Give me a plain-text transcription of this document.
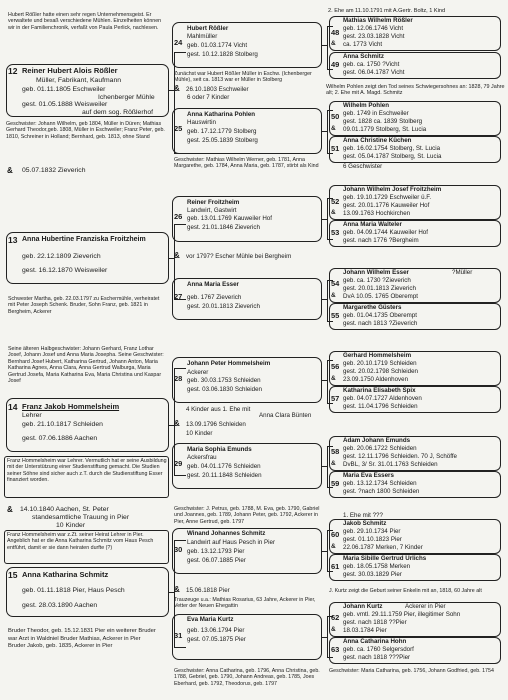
Hubert Rößler hatte einen sehr regen Unternehmensgeist. Er verwaltete und besaß verschiedene Mühlen. Einzelheiten können wir in der Familienchronik, verfaßt von Paula Perlick, nachlesen.
12 Reiner Hubert Alois Rößler
Müller, Fabrikant, Kaufmann
geb. 01.11.1805 Eschweiler
Ichenberger Mühle
gest. 01.05.1888 Weisweiler
auf dem sog. Rößlerhof
Geschwister: Johann Wilhelm, geb 1804, Müller in Düren; Mathias Gerhard Theodor,geb. 1808, Müller in Eschweiler; Franz Peter, geb. 1810, Schreiner in Holland; Bernhard, geb. 1813, ohne Stand
& 05.07.1832 Zieverich
13 Anna Hubertine Franziska Froitzheim
geb. 22.12.1809 Zieverich
gest. 16.12.1870 Weisweiler
Schwester Martha, geb. 22.03.1797 zu Eschermühle, verheiratet mit Peter Joseph Schenk. Bruder, Sohn Franz, geb. 1821 in Bergheim, Ackerer
Seine älteren Halbgeschwister: Johann Gerhard, Franz Lothar Josef, Johann Josef und Anna Maria Josepha. Seine Geschwister: Bernhard Josef Hubert, Katharina Gertrud, Johann Anton, Maria Katharina Agnes, Anna Clara, Anna Gertrud Walburga, Maria Gertrud Josefa, Maria Katharina Eva, Maria Christina und Kaspar Josef
14 Franz Jakob Hommelsheim
Lehrer
geb. 21.10.1817 Schleiden
gest. 07.06.1886 Aachen
Franz Hommelsheim war Lehrer. Vermutlich hat er seine Ausbildung mit der Unterstützung einer Studienstiftung gemacht. Die Studien seiner Söhne sind sicher auch z.T. durch die Studienstiftung Esser finanziert worden.
& 14.10.1840 Aachen, St. Peter
standesamtliche Trauung in Pier
10 Kinder
Franz Hommelsheim war z.Zt. seiner Heirat Lehrer in Pier. Angeblich hat er die Anna Katharina Schmitz vom Haus Pesch entführt, damit er sie dann heiraten durfte (?)
15 Anna Katharina Schmitz
geb. 01.11.1818 Pier, Haus Pesch
gest. 28.03.1890 Aachen
Bruder Theodor, geb. 15.12.1831 Pier ein weiterer Bruder war Arzt in Waldniel Bruder Mathias, Ackerer in Pier Bruder Jakob, geb. 1835, Ackerer in Pier
24
Hubert Rößler
Mahlmüller
geb. 01.03.1774 Vicht
gest. 10.12.1828 Stolberg
Zunächst war Hubert Rößler Müller in Eschw. (Ichenberger Mühle), seit ca. 1813 war er Müller in Stolberg
& 26.10.1803 Eschweiler
6 oder 7 Kinder
25
Anna Katharina Pohlen
Hauswirtin
geb. 17.12.1779 Stolberg
gest. 25.05.1839 Stolberg
Geschwister: Mathias Wilhelm Werner, geb. 1781, Anna Margarethe, geb. 1784, Anna Maria, geb. 1787, stirbt als Kind
26
Reiner Froitzheim
Landwirt, Gastwirt
geb. 13.01.1769 Kauweiler Hof
gest. 21.01.1846 Zieverich
& vor 1797? Escher Mühle bei Bergheim
27
Anna Maria Esser
geb. 1767 Zieverich
gest. 20.01.1813 Zieverich
28
Johann Peter Hommelsheim
Ackerer
geb. 30.03.1753 Schleiden
gest. 03.06.1830 Schleiden
4 Kinder aus 1. Ehe mit
Anna Clara Bünten
& 13.09.1796 Schleiden
10 Kinder
29
Maria Sophia Emunds
Ackersfrau
geb. 04.01.1776 Schleiden
gest. 20.11.1848 Schleiden
Geschwister: J. Petrus, geb. 1788, M. Eva, geb. 1790, Gabriel und Joannes, geb. 1789, Johann Peter, geb. 1792, Ackerer in Pier, Anne Gertrud, geb. 1797
30
Winand Johannes Schmitz
Landwirt auf Haus Pesch in Pier
geb. 13.12.1793 Pier
gest. 06.07.1885 Pier
& 15.06.1818 Pier
Trauzeuge u.a.: Mathias Rosarius, 63 Jahre, Ackerer in Pier, Vetter der Neuen Ehegattin
31
Eva Maria Kurtz
geb. 13.06.1794 Pier
gest. 07.05.1875 Pier
Geschwister: Anna Catharina, geb. 1796, Anna Christina, geb. 1788, Gebriel, geb. 1790, Johann Andreas, geb. 1785, Joes Eberhard, geb. 1792, Theodorus, geb. 1797
2. Ehe am 11.10.1791 mit A.Gertr. Boltz, 1 Kind
48
Mathias Wilhelm Rößler
geb. 12.06.1746 Vicht
gest. 23.03.1828 Vicht
& ca. 1773 Vicht
49
Anna Schmitz
geb. ca. 1750 ?Vicht
gest. 06.04.1787 Vicht
Wilhelm Pohlen zeigt den Tod seines Schwiegersohnes an: 1828, 79 Jahre alt; 2. Ehe mit A. Magd. Schmitz
50
Wilhelm Pohlen
geb. 1749 in Eschweiler
gest. 1828 ca. 1839 Stolberg
& 09.01.1779 Stolberg, St. Lucia
51
Anna Christine Küchen
geb. 16.02.1754 Stolberg, St. Lucia
gest. 05.04.1787 Stolberg, St. Lucia
6 Geschwister
52
Johann Wilhelm Josef Froitzheim
geb. 19.10.1729 Eschweiler ü.F.
gest. 20.01.1776 Kauweiler Hof
& 13.09.1763 Hochkirchen
53
Anna Maria Walteler
geb. 04.09.1744 Kauweiler Hof
gest. nach 1776 ?Bergheim
54
Johann Wilhelm Esser	?Müller
geb. ca. 1730 ?Zieverich
gest. 20.01.1813 Zieverich
& DvA 10.05. 1765 Oberempt
55
Margarethe Güsters
geb. 01.04.1735 Oberempt
gest. nach 1813 ?Zieverich
56
Gerhard Hommelsheim
geb. 20.10.1719 Schleiden
gest. 20.02.1798 Schleiden
& 23.09.1750 Aldenhoven
57
Katharina Elisabeth Spix
geb. 04.07.1727 Aldenhoven
gest. 11.04.1796 Schleiden
58
Adam Johann Emunds
geb. 20.06.1722 Schleiden
gest. 12.11.1796 Schleiden. 70 J, Schöffe
& DvBL, 3/ Sr. 31.01.1763 Schleiden
59
Maria Eva Essers
geb. 13.12.1734 Schleiden
gest. ?nach 1800 Schleiden
1. Ehe mit ???
60
Jakob Schmitz
geb. 29.10.1734 Pier
gest. 01.10.1823 Pier
& 22.06.1787 Merken, 7 Kinder
61
Maria Sibille Gertrud Urlichs
geb. 18.05.1758 Merken
gest. 30.03.1829 Pier
J. Kurtz zeigt die Geburt seiner Enkelin mit an, 1818, 60 Jahre alt
62
Johann Kurtz	Ackerer in Pier
geb. vmtl. 29.11.1759 Pier, illegitimer Sohn
gest. nach 1818 ??Pier
& 18.03.1784 Pier
63
Anna Catharina Hohn
geb. ca. 1760 Selgersdorf
gest. nach 1818 ???Pier
Geschwister: Maria Catharina, geb. 1756, Johann Godfried, geb. 1754
